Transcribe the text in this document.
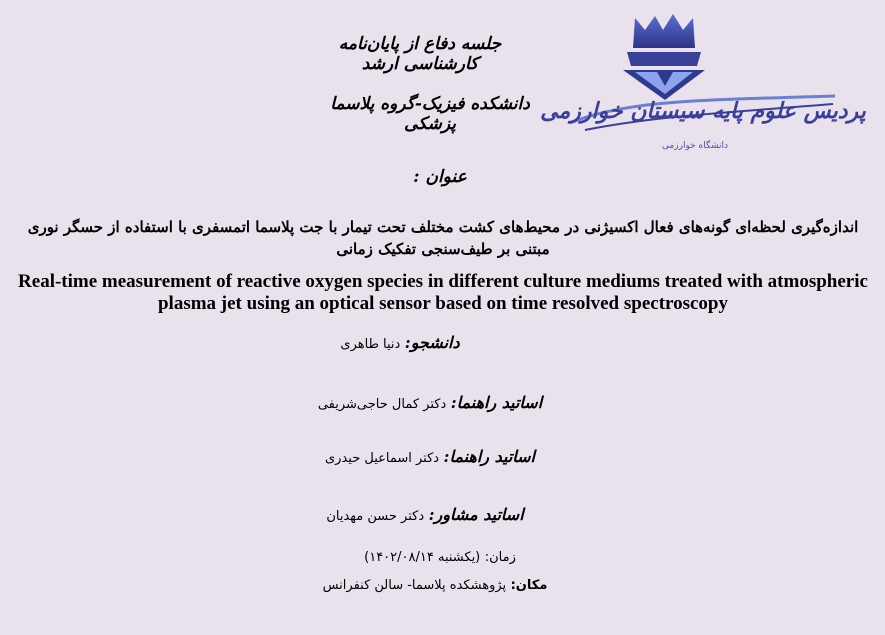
پردیس علوم پایه سیستان خوارزمی
دانشگاه خوارزمی
جلسه دفاع از پایان‌نامه کارشناسی ارشد
دانشکده فیزیک-گروه پلاسما پزشکی
عنوان :
اندازه‌گیری لحظه‌ای گونه‌های فعال اکسیژنی در محیط‌های کشت مختلف تحت تیمار با جت پلاسما اتمسفری با استفاده از حسگر نوری مبتنی بر طیف‌سنجی تفکیک زمانی
Real-time measurement of reactive oxygen species in different culture mediums treated with atmospheric plasma jet using an optical sensor based on time resolved spectroscopy
دانشجو: دنیا طاهری
اساتید راهنما: دکتر کمال حاجی‌شریفی
اساتید راهنما: دکتر اسماعیل حیدری
اساتید مشاور: دکتر حسن مهدیان
زمان: (یکشنبه ۱۴۰۲/۰۸/۱۴)
مکان: پژوهشکده پلاسما- سالن کنفرانس
